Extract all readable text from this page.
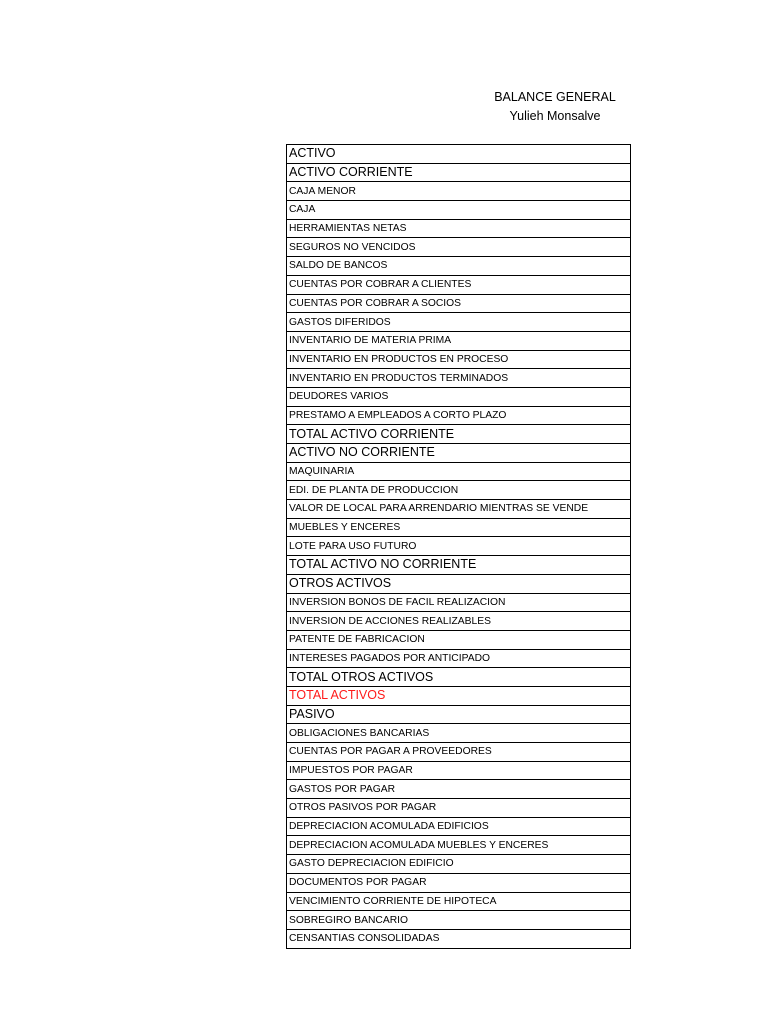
BALANCE GENERAL
Yulieh Monsalve
ACTIVO
ACTIVO CORRIENTE
CAJA MENOR
CAJA
HERRAMIENTAS NETAS
SEGUROS NO VENCIDOS
SALDO DE BANCOS
CUENTAS POR COBRAR A CLIENTES
CUENTAS POR COBRAR A SOCIOS
GASTOS DIFERIDOS
INVENTARIO DE MATERIA PRIMA
INVENTARIO EN PRODUCTOS EN PROCESO
INVENTARIO EN PRODUCTOS TERMINADOS
DEUDORES VARIOS
PRESTAMO A EMPLEADOS A CORTO PLAZO
TOTAL ACTIVO CORRIENTE
ACTIVO NO CORRIENTE
MAQUINARIA
EDI. DE PLANTA DE PRODUCCION
VALOR DE LOCAL PARA ARRENDARIO MIENTRAS SE VENDE
MUEBLES Y ENCERES
LOTE PARA USO FUTURO
TOTAL ACTIVO NO CORRIENTE
OTROS ACTIVOS
INVERSION BONOS DE FACIL REALIZACION
INVERSION DE ACCIONES REALIZABLES
PATENTE DE FABRICACION
INTERESES PAGADOS POR ANTICIPADO
TOTAL OTROS ACTIVOS
TOTAL ACTIVOS
PASIVO
OBLIGACIONES BANCARIAS
CUENTAS POR PAGAR A PROVEEDORES
IMPUESTOS POR PAGAR
GASTOS POR PAGAR
OTROS PASIVOS POR PAGAR
DEPRECIACION ACOMULADA EDIFICIOS
DEPRECIACION ACOMULADA MUEBLES Y ENCERES
GASTO DEPRECIACION EDIFICIO
DOCUMENTOS POR PAGAR
VENCIMIENTO CORRIENTE DE HIPOTECA
SOBREGIRO BANCARIO
CENSANTIAS CONSOLIDADAS
